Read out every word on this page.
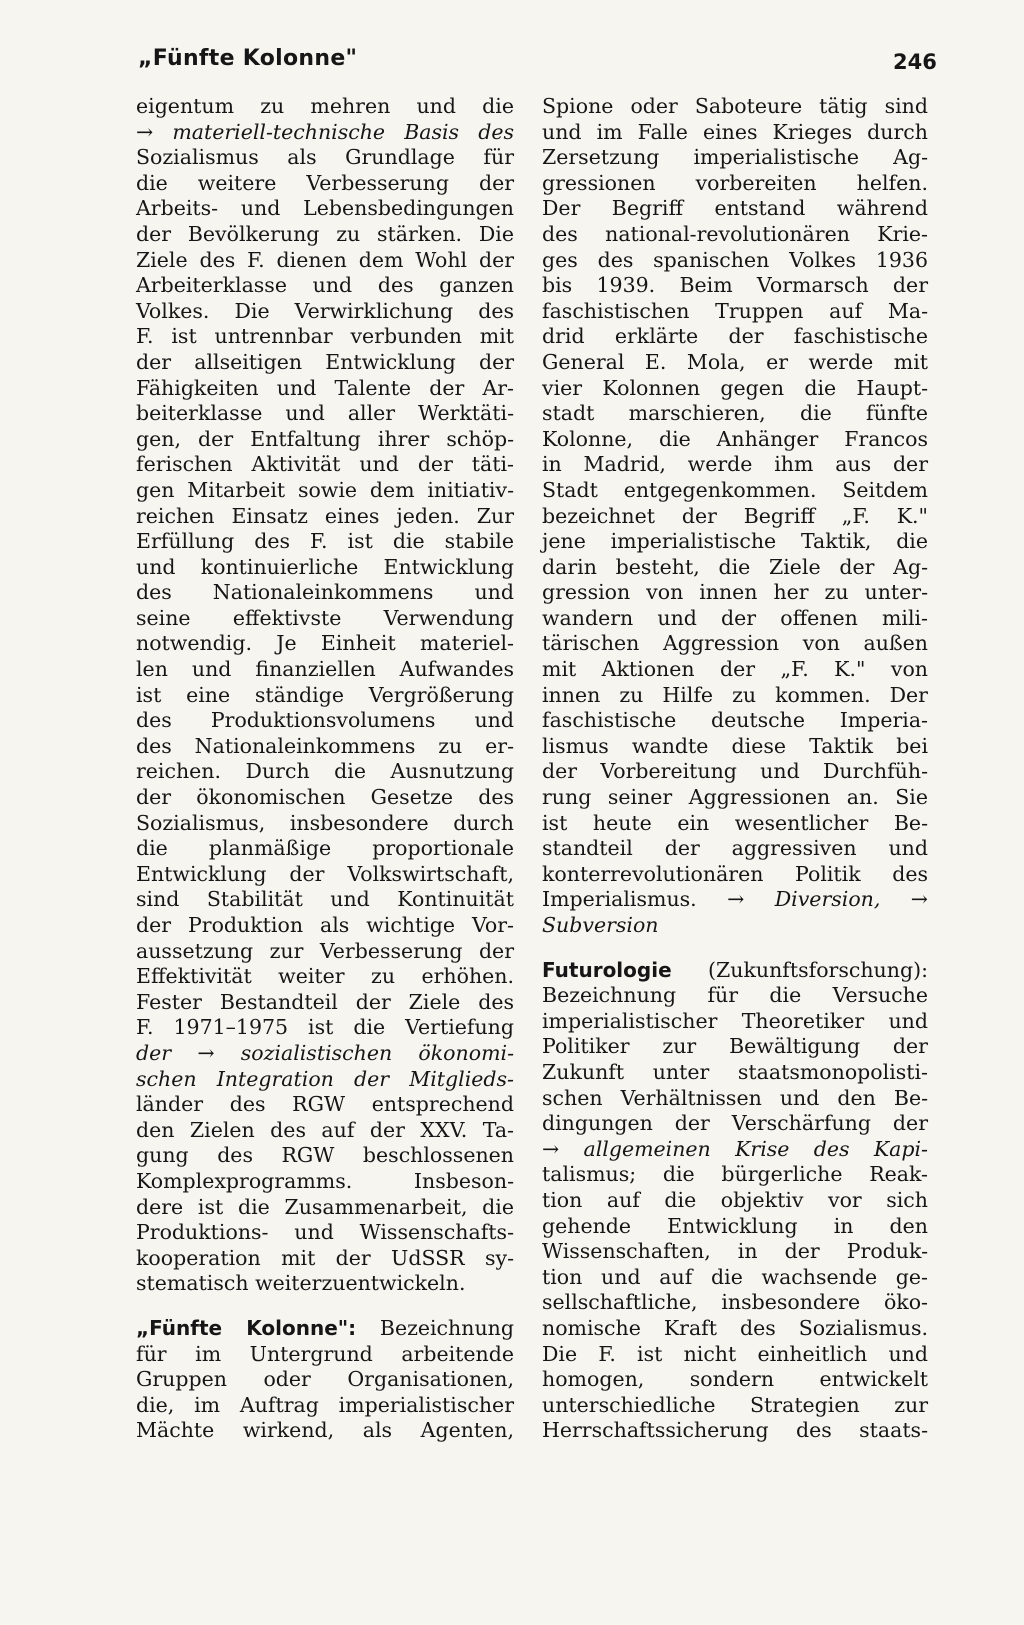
„Fünfte Kolonne"	246
eigentum zu mehren und die
→ materiell-technische Basis des
Sozialismus als Grundlage für
die weitere Verbesserung der
Arbeits- und Lebensbedingungen
der Bevölkerung zu stärken. Die
Ziele des F. dienen dem Wohl der
Arbeiterklasse und des ganzen
Volkes. Die Verwirklichung des
F. ist untrennbar verbunden mit
der allseitigen Entwicklung der
Fähigkeiten und Talente der Ar-
beiterklasse und aller Werktäti-
gen, der Entfaltung ihrer schöp-
ferischen Aktivität und der täti-
gen Mitarbeit sowie dem initiativ-
reichen Einsatz eines jeden. Zur
Erfüllung des F. ist die stabile
und kontinuierliche Entwicklung
des Nationaleinkommens und
seine effektivste Verwendung
notwendig. Je Einheit materiel-
len und finanziellen Aufwandes
ist eine ständige Vergrößerung
des Produktionsvolumens und
des Nationaleinkommens zu er-
reichen. Durch die Ausnutzung
der ökonomischen Gesetze des
Sozialismus, insbesondere durch
die planmäßige proportionale
Entwicklung der Volkswirtschaft,
sind Stabilität und Kontinuität
der Produktion als wichtige Vor-
aussetzung zur Verbesserung der
Effektivität weiter zu erhöhen.
Fester Bestandteil der Ziele des
F. 1971–1975 ist die Vertiefung
der → sozialistischen ökonomi-
schen Integration der Mitglieds-
länder des RGW entsprechend
den Zielen des auf der XXV. Ta-
gung des RGW beschlossenen
Komplexprogramms. Insbeson-
dere ist die Zusammenarbeit, die
Produktions- und Wissenschafts-
kooperation mit der UdSSR sy-
stematisch weiterzuentwickeln.
„Fünfte Kolonne": Bezeichnung
für im Untergrund arbeitende
Gruppen oder Organisationen,
die, im Auftrag imperialistischer
Mächte wirkend, als Agenten,
Spione oder Saboteure tätig sind
und im Falle eines Krieges durch
Zersetzung imperialistische Ag-
gressionen vorbereiten helfen.
Der Begriff entstand während
des national-revolutionären Krie-
ges des spanischen Volkes 1936
bis 1939. Beim Vormarsch der
faschistischen Truppen auf Ma-
drid erklärte der faschistische
General E. Mola, er werde mit
vier Kolonnen gegen die Haupt-
stadt marschieren, die fünfte
Kolonne, die Anhänger Francos
in Madrid, werde ihm aus der
Stadt entgegenkommen. Seitdem
bezeichnet der Begriff „F. K."
jene imperialistische Taktik, die
darin besteht, die Ziele der Ag-
gression von innen her zu unter-
wandern und der offenen mili-
tärischen Aggression von außen
mit Aktionen der „F. K." von
innen zu Hilfe zu kommen. Der
faschistische deutsche Imperia-
lismus wandte diese Taktik bei
der Vorbereitung und Durchfüh-
rung seiner Aggressionen an. Sie
ist heute ein wesentlicher Be-
standteil der aggressiven und
konterrevolutionären Politik des
Imperialismus. → Diversion, →
Subversion
Futurologie (Zukunftsforschung):
Bezeichnung für die Versuche
imperialistischer Theoretiker und
Politiker zur Bewältigung der
Zukunft unter staatsmonopolisti-
schen Verhältnissen und den Be-
dingungen der Verschärfung der
→ allgemeinen Krise des Kapi-
talismus; die bürgerliche Reak-
tion auf die objektiv vor sich
gehende Entwicklung in den
Wissenschaften, in der Produk-
tion und auf die wachsende ge-
sellschaftliche, insbesondere öko-
nomische Kraft des Sozialismus.
Die F. ist nicht einheitlich und
homogen, sondern entwickelt
unterschiedliche Strategien zur
Herrschaftssicherung des staats-
